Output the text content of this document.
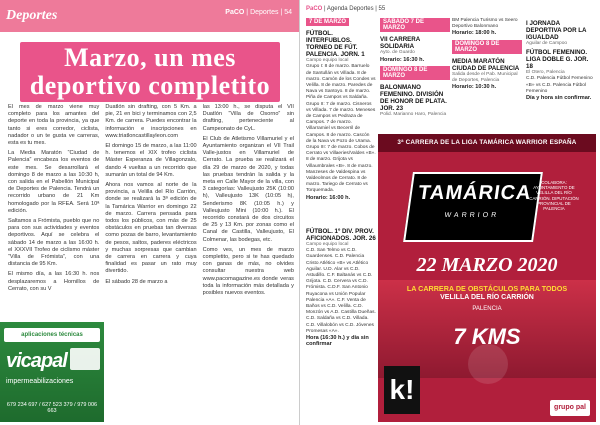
Deportes	PaCO | Deportes | 54
Marzo, un mes
deportivo completito

El mes de marzo viene muy completo para los amantes del deporte en toda la provincia, ya que tanto si eres corredor, ciclista, nadador o un te gusta ve carreras, esta es tu mes.

La Media Maratón “Ciudad de Palencia” encabeza los eventos de este mes. Se desarrollará el domingo 8 de marzo a las 10:30 h, con salida en el Pabellón Municipal de Deportes de Palencia. Tendrá un recorrido urbano de 21 Km homologado por la RFEA. Será 10ª edición.

Saltamos a Frómista, pueblo que no para con sus actividades y eventos deportivos. Aquí se celebra el sábado 14 de marzo a las 16:00 h. el XXXVII Trofeo de ciclismo máster “Villa de Frómista”, con una distancia de 95 Km.

El mismo día, a las 16:30 h. nos desplazaremos a Hornillos de Cerrato, con su V

Duatlón sin drafting, con 5 Km. a pie, 21 en bici y terminamos con 2,5 Km. de carrera. Puedes encontrar la información e inscripciones en www.triatloncastillayleon.com

El domingo 15 de marzo, a las 11:00 h. tenemos el XIX trofeo ciclista Máster Esperanza de Villagonzalo, dando 4 vueltas a un recorrido que sumarán un total de 94 Km.

Ahora nos vamos al norte de la provincia, a Velilla del Río Carrión, donde se realizará la 3ª edición de la Tamárica Warrior en domingo 22 de marzo. Carrera pensada para todos los públicos, con más de 25 obstáculos en pruebas tan diversas como pozas de barro, levantamiento de pesos, saltos, paderes eléctricos y muchas sorpresas que cambian de carrera en carrera y cuya finalidad es pasar un rato muy divertido.

El sábado 28 de marzo a

las 13:00 h., se disputa el VII Duatlón “Villa de Osorno” sin drafting, perteneciente al Campeonato de CyL.

El Club de Atletismo Villamuriel y el Ayuntamiento organizan el VII Trail Valle-justos en Villamuriel de Cerrato. La prueba se realizará el día 29 de marzo de 2020, y todas las pruebas tendrán la salida y la meta en Calle Mayor de la villa, con 3 categorías: Valleujusto 25K (10:00 h), Valleujusto 13K (10:05 h), Senderismo 8K (10:05 h.) y Valleujusto Mini (10:00 h.). El recorrido constará de dos circuitos de 25 y 13 Km. por zonas como el Canal de Castilla, Valleujusto, El Colmenar, las bodegas, etc.

Como ves, un mes de marzo completito, pero si te has quedado con ganas de más, no olvides consultar nuestra web www.pacomagazine.es donde veras toda la información más detallada y posibles nuevos eventos.

aplicaciones técnicas
vicapal
impermeabilizaciones
679 234 697 / 627 523 379 / 979 006 663
PaCO | Agenda Deportes | 55
7 DE MARZO
FÚTBOL. INTERFUBLOS. TORNEO DE FÚT. PALENCIA. JORN. 1
Campo equipo local
Grupo I: 8 de marzo. Barruelo de Santullán vs Villada. 8 de marzo. Camón de los Condes vs Velilla. 8 de marzo. Paredes de Nava vs Santoyo. 8 de marzo. Piña de Campos vs Saldaña. Grupo II: 7 de marzo. Cisneros vs Villada. 7 de marzo. Meneses de Campos vs Pedraza de Campos. 7 de marzo. Villarramiel vs Becerril de Campos. 8 de marzo. Cascón de la Nava vs Pozo de Urama. Grupo III: 7 de marzo. Cobos de Cerrato vs Villaeries/Valdes «B». 8 de marzo. Grijota vs Villaumbrales «B». 8 de marzo. Manzeses de Valdespina vs Valdeolmos de Cerrato. 8 de marzo. Tariego de Cerrato vs Torquemada.
Horario: 16:00 h.
SÁBADO 7 DE MARZO
VII CARRERA SOLIDARIA
Ayto. de Guardo
Horario: 16:30 h.
DOMINGO 8 DE MARZO
BALONMANO FEMENINO. DIVISIÓN DE HONOR DE PLATA. JOR. 23
Polid. Marianno Haro, Palencia
BM Palencia Turismo vs Seero Deportivo Balonmano
Horario: 18:00 h.
DOMINGO 8 DE MARZO
MEDIA MARATÓN CIUDAD DE PALENCIA
Salida desde el Pab. Municipal de Deportes, Palencia
Horario: 10:30 h.
I JORNADA DEPORTIVA POR LA IGUALDAD
Aguilar de Campoo
FÚTBOL FEMENINO. LIGA DOBLE G. JOR. 18
El Otero, Palencia
C.D. Palencia Fútbol Femenino «B» vs C.D. Palencia Fútbol Femenino
Día y hora sin confirmar.
FÚTBOL. 1º DIV. PROV. AFICIONADOS. JOR. 26
Campo equipo local
C.D. San Telmo vs C.D. Guardenses. C.D. Palencia Cristo Atlético «B» vs Atlético Aguilar. U.D. Alar vs C.D. Astudillo. C.F. Baltanás vs C.D. Grijota. C.D. Cervera vs C.D. Frómista. C.D.F. San Antonio Ruyacona vs Unión Popular Palencia «A». C.F. Venta de Baños vs C.D. Velilla. C.D. Monzón vs A.D. Castilla Dueñas. C.D. Saldaña vs C.D. Villada. C.D. Villalobón vs C.D. Jóvenes Promesas «A».
Hora (16:30 h.) y día sin confirmar
3ª CARRERA DE LA LIGA TAMÁRICA WARRIOR ESPAÑA
TAMÁRICA
WARRIOR
COLABORA: AYUNTAMIENTO DE VELILLA DEL RÍO CARRIÓN. DIPUTACIÓN PROVINCIAL DE PALENCIA
22 MARZO 2020
LA CARRERA DE OBSTÁCULOS PARA TODOS
VELILLA DEL RÍO CARRIÓN
PALENCIA
7 KMS
k!
grupo pal
